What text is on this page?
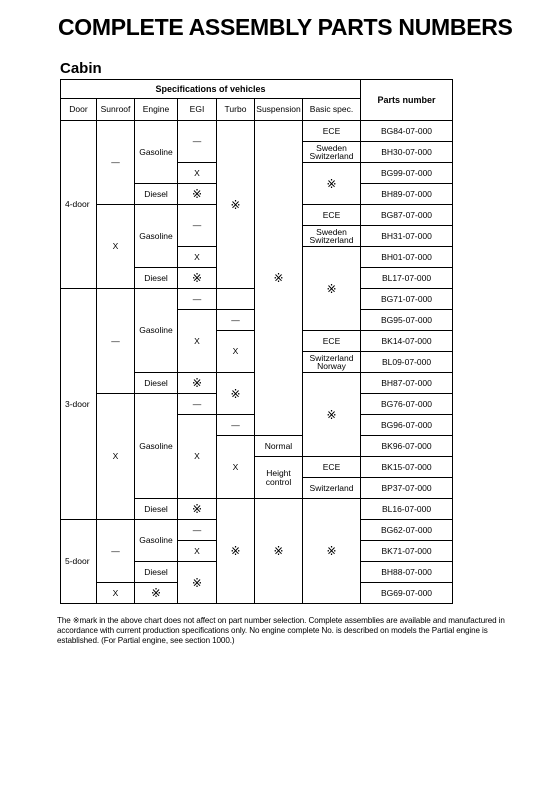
COMPLETE ASSEMBLY PARTS NUMBERS
Cabin
Specifications of vehicles							Parts number
Door	Sunroof	Engine	EGI	Turbo	Suspension	Basic spec.	
4-door	—	Gasoline	—	※	※	ECE	BG84-07-000
						Sweden Switzerland	BH30-07-000
			X			※	BG99-07-000
		Diesel	※				BH89-07-000
	X	Gasoline	—			ECE	BG87-07-000
						Sweden Switzerland	BH31-07-000
			X			※	BH01-07-000
		Diesel	※				BL17-07-000
3-door	—	Gasoline	—				BG71-07-000
			X	—			BG95-07-000
				X		ECE	BK14-07-000
						Switzerland Norway	BL09-07-000
		Diesel	※	※		※	BH87-07-000
	X	Gasoline	—				BG76-07-000
			X	—			BG96-07-000
				X	Normal		BK96-07-000
					Height control	ECE	BK15-07-000
						Switzerland	BP37-07-000
		Diesel	※	※	※	※	BL16-07-000
5-door	—	Gasoline	—				BG62-07-000
			X				BK71-07-000
		Diesel	※				BH88-07-000
	X	※					BG69-07-000

The ※mark in the above chart does not affect on part number selection. Complete assemblies are available and manufactured in accordance with current production specifications only. No engine complete No. is described on models the Partial engine is established. (For Partial engine, see section 1000.)
